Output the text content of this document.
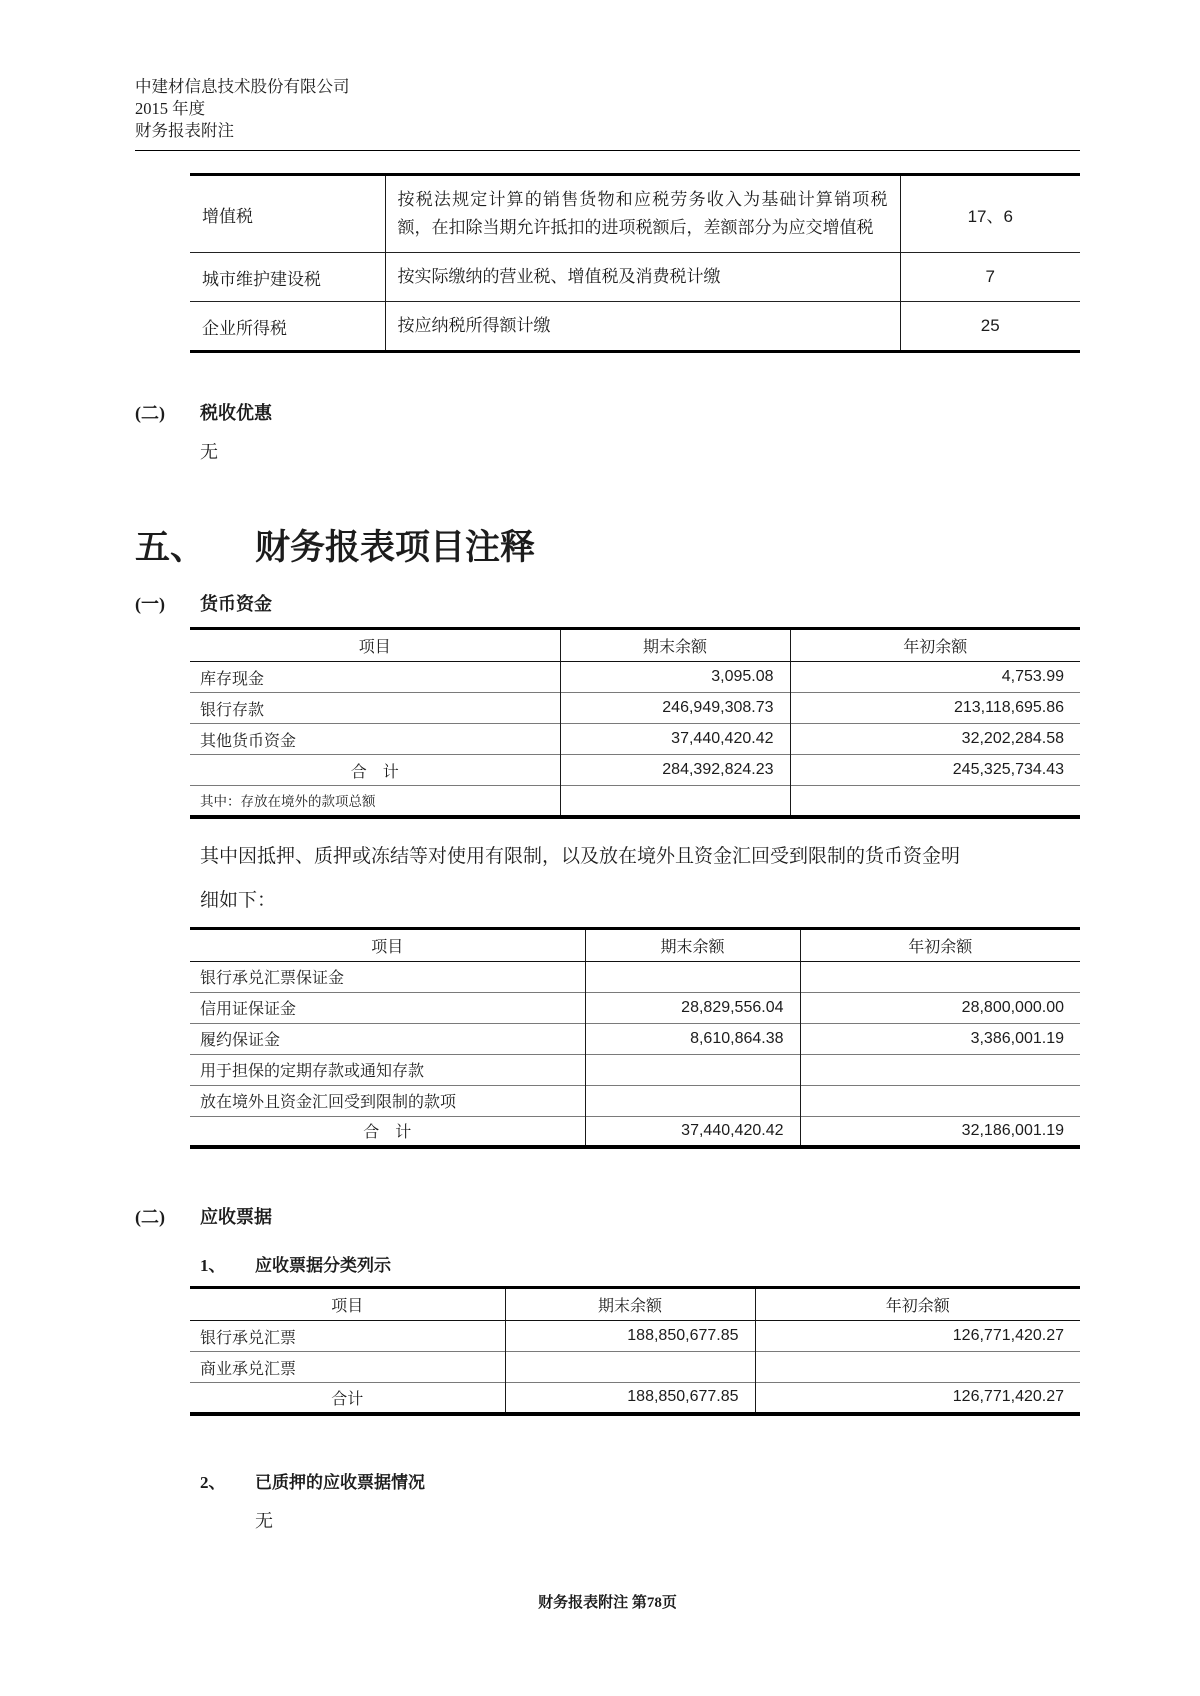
中建材信息技术股份有限公司
2015 年度
财务报表附注
增值税	按税法规定计算的销售货物和应税劳务收入为基础计算销项税额，在扣除当期允许抵扣的进项税额后，差额部分为应交增值税	17、6
城市维护建设税	按实际缴纳的营业税、增值税及消费税计缴	7
企业所得税	按应纳税所得额计缴	25
(二)	税收优惠
无
五、	财务报表项目注释
(一)	货币资金
项目	期末余额	年初余额
库存现金	3,095.08	4,753.99
银行存款	246,949,308.73	213,118,695.86
其他货币资金	37,440,420.42	32,202,284.58
合　计	284,392,824.23	245,325,734.43
其中：存放在境外的款项总额		
其中因抵押、质押或冻结等对使用有限制，以及放在境外且资金汇回受到限制的货币资金明
细如下：
项目	期末余额	年初余额
银行承兑汇票保证金		
信用证保证金	28,829,556.04	28,800,000.00
履约保证金	8,610,864.38	3,386,001.19
用于担保的定期存款或通知存款		
放在境外且资金汇回受到限制的款项		
合　计	37,440,420.42	32,186,001.19
(二)	应收票据
1、	应收票据分类列示
项目	期末余额	年初余额
银行承兑汇票	188,850,677.85	126,771,420.27
商业承兑汇票		
合计	188,850,677.85	126,771,420.27
2、	已质押的应收票据情况
无
财务报表附注 第78页
